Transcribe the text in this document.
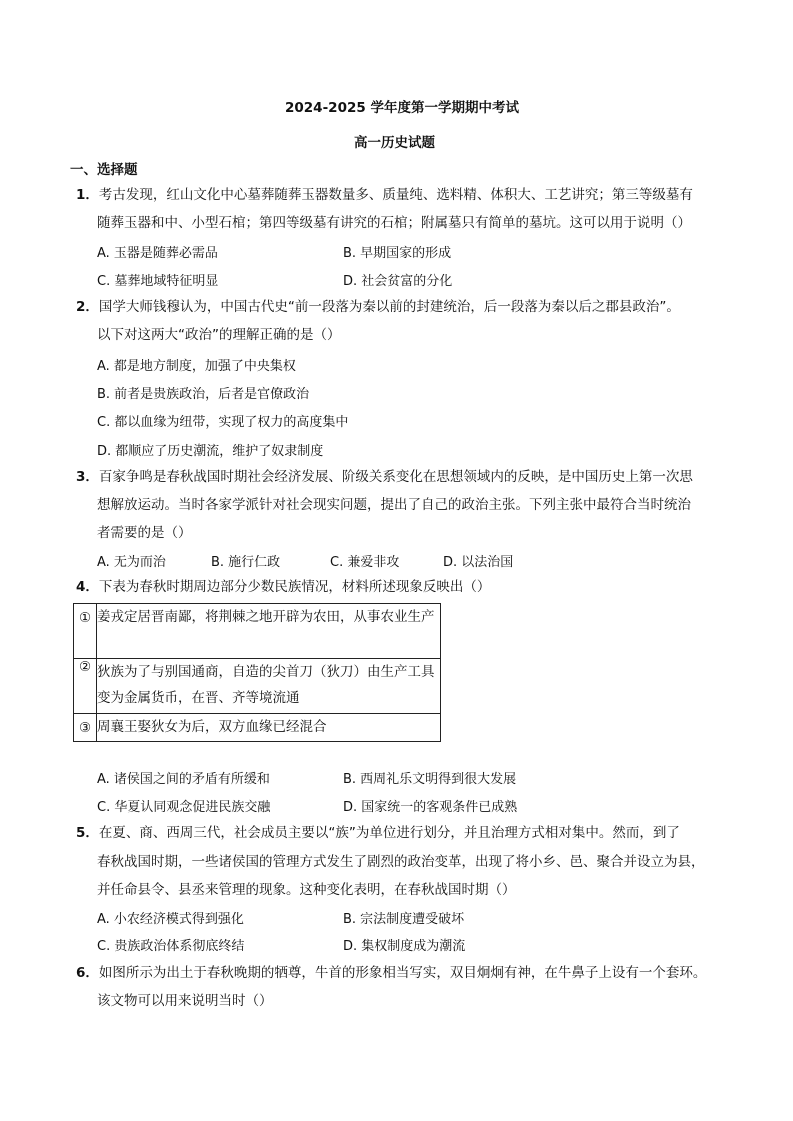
2024-2025 学年度第一学期期中考试
高一历史试题
一、选择题
1．考古发现，红山文化中心墓葬随葬玉器数量多、质量纯、选料精、体积大、工艺讲究；第三等级墓有
随葬玉器和中、小型石棺；第四等级墓有讲究的石棺；附属墓只有简单的墓坑。这可以用于说明（）
A. 玉器是随葬必需品	B. 早期国家的形成
C. 墓葬地域特征明显	D. 社会贫富的分化
2．国学大师钱穆认为，中国古代史“前一段落为秦以前的封建统治，后一段落为秦以后之郡县政治”。
以下对这两大“政治”的理解正确的是（）
A. 都是地方制度，加强了中央集权
B. 前者是贵族政治，后者是官僚政治
C. 都以血缘为纽带，实现了权力的高度集中
D. 都顺应了历史潮流，维护了奴隶制度
3．百家争鸣是春秋战国时期社会经济发展、阶级关系变化在思想领域内的反映，是中国历史上第一次思
想解放运动。当时各家学派针对社会现实问题，提出了自己的政治主张。下列主张中最符合当时统治
者需要的是（）
A. 无为而治	B. 施行仁政	C. 兼爱非攻	D. 以法治国
4．下表为春秋时期周边部分少数民族情况，材料所述现象反映出（）
①	姜戎定居晋南鄙，将荆棘之地开辟为农田，从事农业生产
②	狄族为了与别国通商，自造的尖首刀（狄刀）由生产工具变为金属货币，在晋、齐等境流通
③	周襄王娶狄女为后，双方血缘已经混合
A. 诸侯国之间的矛盾有所缓和	B. 西周礼乐文明得到很大发展
C. 华夏认同观念促进民族交融	D. 国家统一的客观条件已成熟
5．在夏、商、西周三代，社会成员主要以“族”为单位进行划分，并且治理方式相对集中。然而，到了
春秋战国时期，一些诸侯国的管理方式发生了剧烈的政治变革，出现了将小乡、邑、聚合并设立为县，
并任命县令、县丞来管理的现象。这种变化表明，在春秋战国时期（）
A. 小农经济模式得到强化	B. 宗法制度遭受破坏
C. 贵族政治体系彻底终结	D. 集权制度成为潮流
6．如图所示为出土于春秋晚期的牺尊，牛首的形象相当写实，双目炯炯有神，在牛鼻子上设有一个套环。
该文物可以用来说明当时（）
